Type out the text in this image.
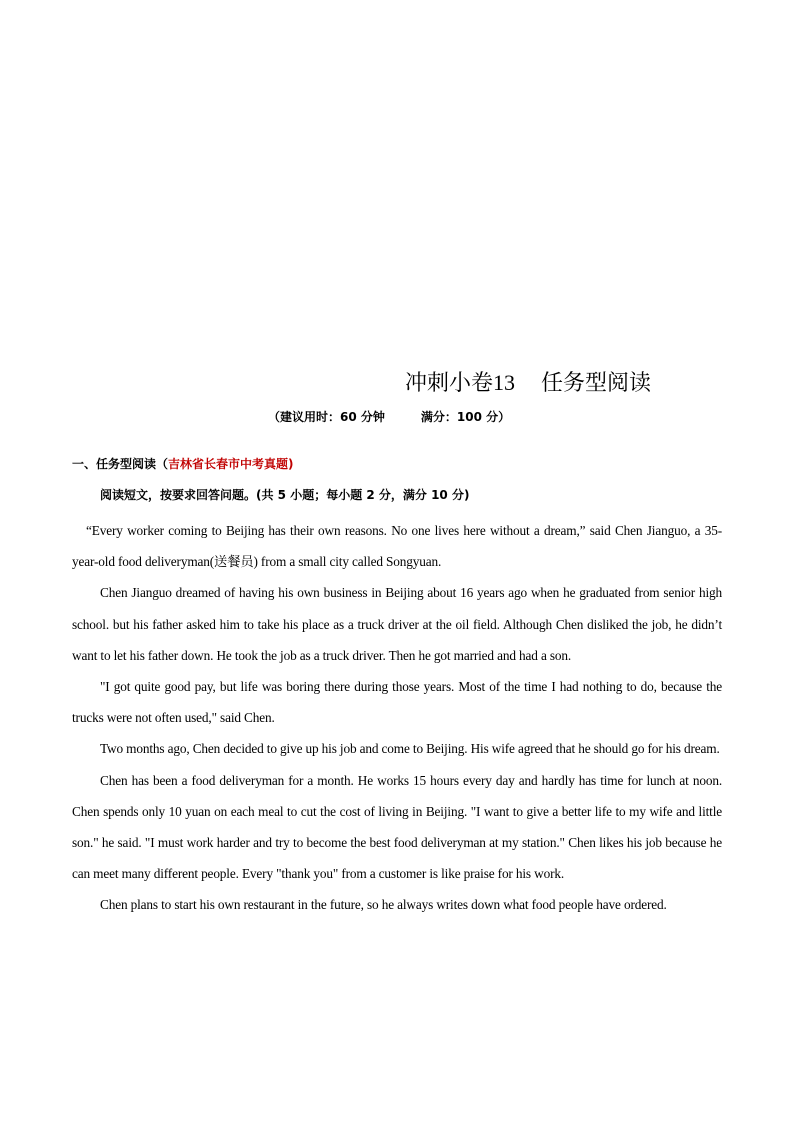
冲刺小卷13 任务型阅读
（建议用时：60 分钟	满分：100 分）
一、任务型阅读（吉林省长春市中考真题)
阅读短文，按要求回答问题。(共 5 小题；每小题 2 分，满分 10 分)

“Every worker coming to Beijing has their own reasons. No one lives here without a dream,” said Chen Jianguo, a 35-year-old food deliveryman(送餐员) from a small city called Songyuan.

Chen Jianguo dreamed of having his own business in Beijing about 16 years ago when he graduated from senior high school. but his father asked him to take his place as a truck driver at the oil field. Although Chen disliked the job, he didn’t want to let his father down. He took the job as a truck driver. Then he got married and had a son.

"I got quite good pay, but life was boring there during those years. Most of the time I had nothing to do, because the trucks were not often used," said Chen.

Two months ago, Chen decided to give up his job and come to Beijing. His wife agreed that he should go for his dream.

Chen has been a food deliveryman for a month. He works 15 hours every day and hardly has time for lunch at noon. Chen spends only 10 yuan on each meal to cut the cost of living in Beijing. "I want to give a better life to my wife and little son." he said. "I must work harder and try to become the best food deliveryman at my station." Chen likes his job because he can meet many different people. Every "thank you" from a customer is like praise for his work.

Chen plans to start his own restaurant in the future, so he always writes down what food people have ordered.
